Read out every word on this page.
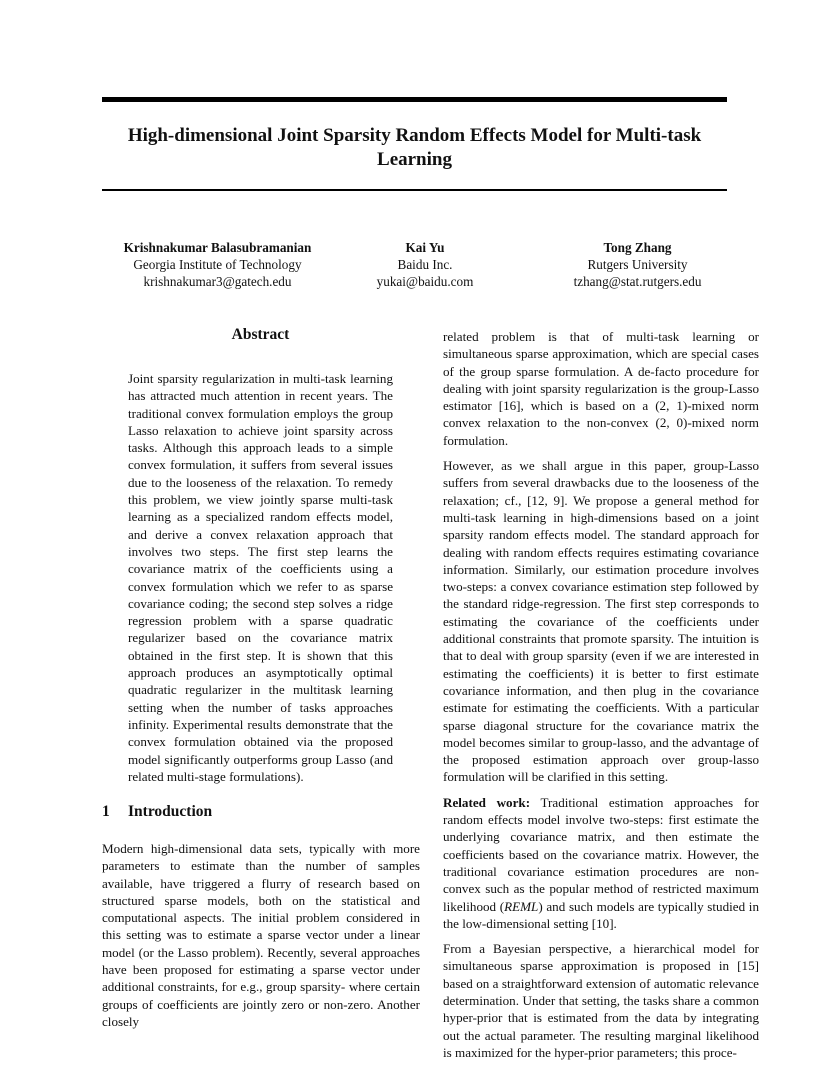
High-dimensional Joint Sparsity Random Effects Model for Multi-task Learning
Krishnakumar Balasubramanian
Georgia Institute of Technology
krishnakumar3@gatech.edu
Kai Yu
Baidu Inc.
yukai@baidu.com
Tong Zhang
Rutgers University
tzhang@stat.rutgers.edu
Abstract
Joint sparsity regularization in multi-task learning has attracted much attention in recent years. The traditional convex formulation employs the group Lasso relaxation to achieve joint sparsity across tasks. Although this approach leads to a simple convex formulation, it suffers from several issues due to the looseness of the relaxation. To remedy this problem, we view jointly sparse multi-task learning as a specialized random effects model, and derive a convex relaxation approach that involves two steps. The first step learns the covariance matrix of the coefficients using a convex formulation which we refer to as sparse covariance coding; the second step solves a ridge regression problem with a sparse quadratic regularizer based on the covariance matrix obtained in the first step. It is shown that this approach produces an asymptotically optimal quadratic regularizer in the multitask learning setting when the number of tasks approaches infinity. Experimental results demonstrate that the convex formulation obtained via the proposed model significantly outperforms group Lasso (and related multi-stage formulations).
1 Introduction
Modern high-dimensional data sets, typically with more parameters to estimate than the number of samples available, have triggered a flurry of research based on structured sparse models, both on the statistical and computational aspects. The initial problem considered in this setting was to estimate a sparse vector under a linear model (or the Lasso problem). Recently, several approaches have been proposed for estimating a sparse vector under additional constraints, for e.g., group sparsity- where certain groups of coefficients are jointly zero or non-zero. Another closely

related problem is that of multi-task learning or simultaneous sparse approximation, which are special cases of the group sparse formulation. A de-facto procedure for dealing with joint sparsity regularization is the group-Lasso estimator [16], which is based on a (2, 1)-mixed norm convex relaxation to the non-convex (2, 0)-mixed norm formulation.

However, as we shall argue in this paper, group-Lasso suffers from several drawbacks due to the looseness of the relaxation; cf., [12, 9]. We propose a general method for multi-task learning in high-dimensions based on a joint sparsity random effects model. The standard approach for dealing with random effects requires estimating covariance information. Similarly, our estimation procedure involves two-steps: a convex covariance estimation step followed by the standard ridge-regression. The first step corresponds to estimating the covariance of the coefficients under additional constraints that promote sparsity. The intuition is that to deal with group sparsity (even if we are interested in estimating the coefficients) it is better to first estimate covariance information, and then plug in the covariance estimate for estimating the coefficients. With a particular sparse diagonal structure for the covariance matrix the model becomes similar to group-lasso, and the advantage of the proposed estimation approach over group-lasso formulation will be clarified in this setting.

Related work: Traditional estimation approaches for random effects model involve two-steps: first estimate the underlying covariance matrix, and then estimate the coefficients based on the covariance matrix. However, the traditional covariance estimation procedures are non-convex such as the popular method of restricted maximum likelihood (REML) and such models are typically studied in the low-dimensional setting [10].

From a Bayesian perspective, a hierarchical model for simultaneous sparse approximation is proposed in [15] based on a straightforward extension of automatic relevance determination. Under that setting, the tasks share a common hyper-prior that is estimated from the data by integrating out the actual parameter. The resulting marginal likelihood is maximized for the hyper-prior parameters; this proce-
